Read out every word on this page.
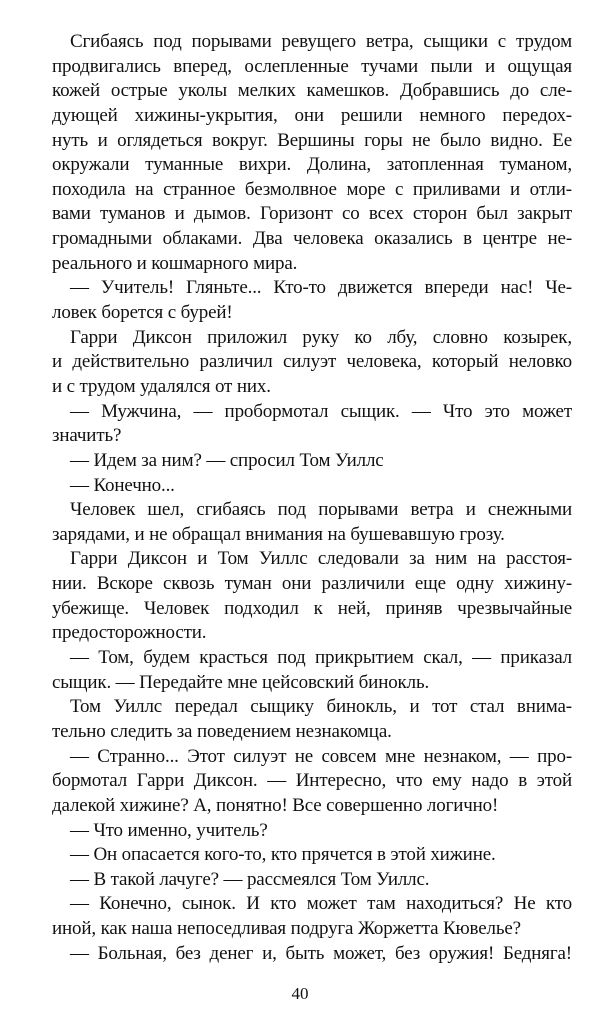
Сгибаясь под порывами ревущего ветра, сыщики с трудом
продвигались вперед, ослепленные тучами пыли и ощущая
кожей острые уколы мелких камешков. Добравшись до сле-
дующей хижины-укрытия, они решили немного передох-
нуть и оглядеться вокруг. Вершины горы не было видно. Ее
окружали туманные вихри. Долина, затопленная туманом,
походила на странное безмолвное море с приливами и отли-
вами туманов и дымов. Горизонт со всех сторон был закрыт
громадными облаками. Два человека оказались в центре не-
реального и кошмарного мира.
— Учитель! Гляньте... Кто-то движется впереди нас! Че-
ловек борется с бурей!
Гарри Диксон приложил руку ко лбу, словно козырек,
и действительно различил силуэт человека, который неловко
и с трудом удалялся от них.
— Мужчина, — пробормотал сыщик. — Что это может
значить?
— Идем за ним? — спросил Том Уиллс
— Конечно...
Человек шел, сгибаясь под порывами ветра и снежными
зарядами, и не обращал внимания на бушевавшую грозу.
Гарри Диксон и Том Уиллс следовали за ним на расстоя-
нии. Вскоре сквозь туман они различили еще одну хижину-
убежище. Человек подходил к ней, приняв чрезвычайные
предосторожности.
— Том, будем красться под прикрытием скал, — приказал
сыщик. — Передайте мне цейсовский бинокль.
Том Уиллс передал сыщику бинокль, и тот стал внима-
тельно следить за поведением незнакомца.
— Странно... Этот силуэт не совсем мне незнаком, — про-
бормотал Гарри Диксон. — Интересно, что ему надо в этой
далекой хижине? А, понятно! Все совершенно логично!
— Что именно, учитель?
— Он опасается кого-то, кто прячется в этой хижине.
— В такой лачуге? — рассмеялся Том Уиллс.
— Конечно, сынок. И кто может там находиться? Не кто
иной, как наша непоседливая подруга Жоржетта Кювелье?
— Больная, без денег и, быть может, без оружия! Бедняга!
40
